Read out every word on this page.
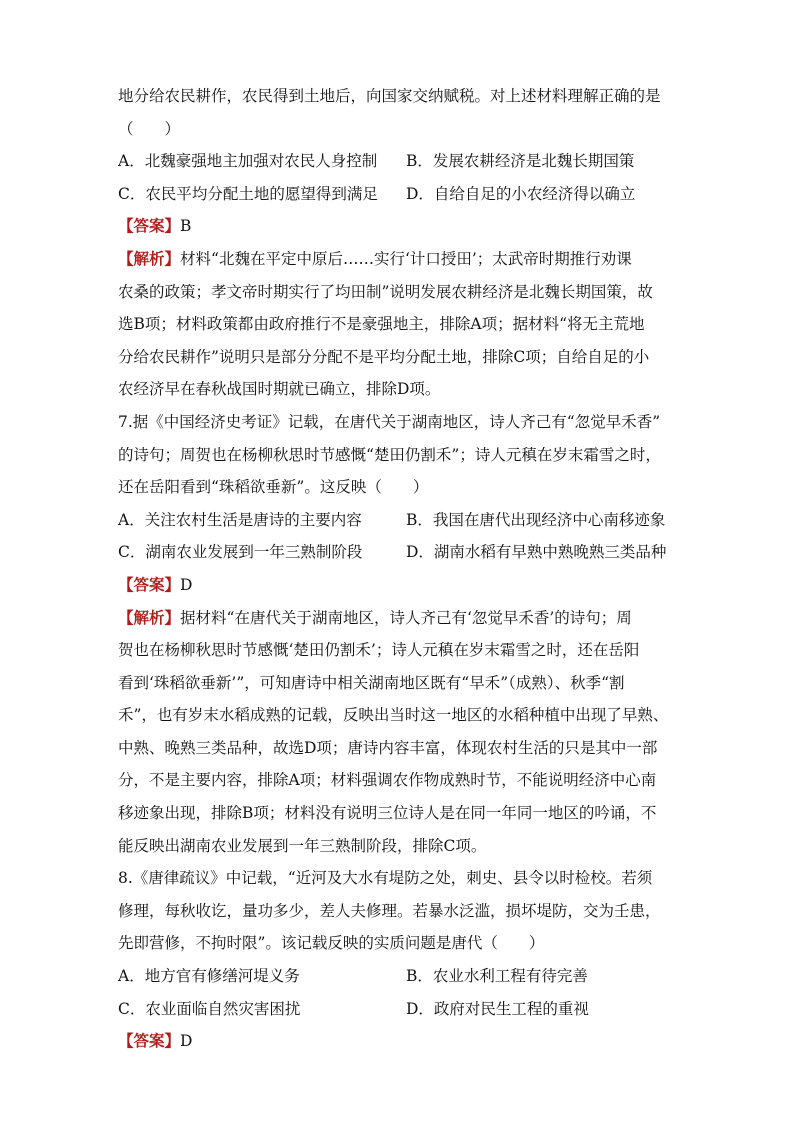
地分给农民耕作，农民得到土地后，向国家交纳赋税。对上述材料理解正确的是
（　　）
A．北魏豪强地主加强对农民人身控制	B．发展农耕经济是北魏长期国策
C．农民平均分配土地的愿望得到满足	D．自给自足的小农经济得以确立
【答案】B
【解析】材料“北魏在平定中原后……实行‘计口授田’；太武帝时期推行劝课
农桑的政策；孝文帝时期实行了均田制”说明发展农耕经济是北魏长期国策，故
选B项；材料政策都由政府推行不是豪强地主，排除A项；据材料“将无主荒地
分给农民耕作”说明只是部分分配不是平均分配土地，排除C项；自给自足的小
农经济早在春秋战国时期就已确立，排除D项。
7.据《中国经济史考证》记载，在唐代关于湖南地区，诗人齐己有“忽觉早禾香”
的诗句；周贺也在杨柳秋思时节感慨“楚田仍割禾”；诗人元稹在岁末霜雪之时，
还在岳阳看到“珠稻欲垂新”。这反映（　　）
A．关注农村生活是唐诗的主要内容	B．我国在唐代出现经济中心南移迹象
C．湖南农业发展到一年三熟制阶段	D．湖南水稻有早熟中熟晚熟三类品种
【答案】D
【解析】据材料“在唐代关于湖南地区，诗人齐己有‘忽觉早禾香’的诗句；周
贺也在杨柳秋思时节感慨‘楚田仍割禾’；诗人元稹在岁末霜雪之时，还在岳阳
看到‘珠稻欲垂新’”，可知唐诗中相关湖南地区既有“早禾”（成熟）、秋季“割
禾”，也有岁末水稻成熟的记载，反映出当时这一地区的水稻种植中出现了早熟、
中熟、晚熟三类品种，故选D项；唐诗内容丰富，体现农村生活的只是其中一部
分，不是主要内容，排除A项；材料强调农作物成熟时节，不能说明经济中心南
移迹象出现，排除B项；材料没有说明三位诗人是在同一年同一地区的吟诵，不
能反映出湖南农业发展到一年三熟制阶段，排除C项。
8.《唐律疏议》中记载，“近河及大水有堤防之处，刺史、县令以时检校。若须
修理，每秋收讫，量功多少，差人夫修理。若暴水泛滥，损坏堤防，交为壬患，
先即营修，不拘时限”。该记载反映的实质问题是唐代（　　）
A．地方官有修缮河堤义务	B．农业水利工程有待完善
C．农业面临自然灾害困扰	D．政府对民生工程的重视
【答案】D
